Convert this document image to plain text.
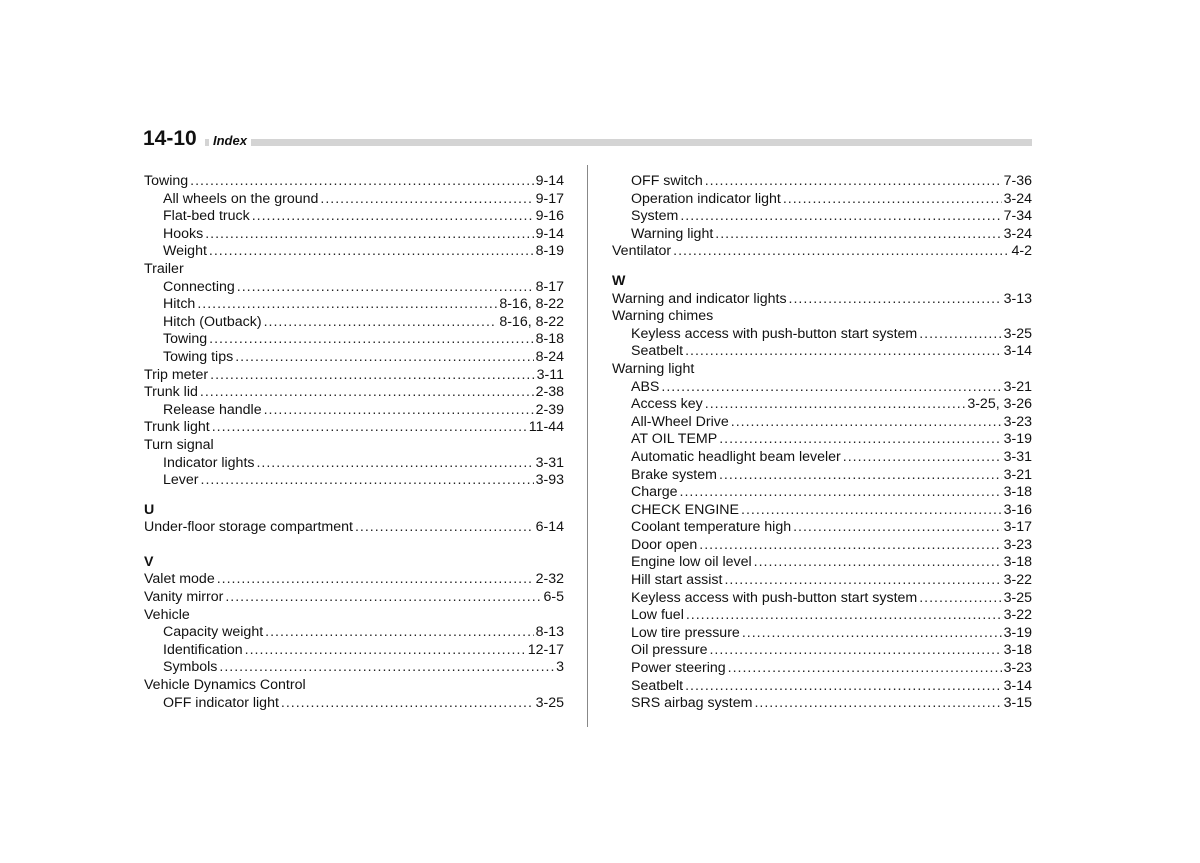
14-10	Index
Towing .....	9-14
All wheels on the ground .....	9-17
Flat-bed truck .....	9-16
Hooks .....	9-14
Weight .....	8-19
Trailer
Connecting .....	8-17
Hitch .....	8-16, 8-22
Hitch (Outback) .....	8-16, 8-22
Towing .....	8-18
Towing tips .....	8-24
Trip meter .....	3-11
Trunk lid .....	2-38
Release handle .....	2-39
Trunk light .....	11-44
Turn signal
Indicator lights .....	3-31
Lever .....	3-93
U
Under-floor storage compartment .....	6-14
V
Valet mode .....	2-32
Vanity mirror .....	6-5
Vehicle
Capacity weight .....	8-13
Identification .....	12-17
Symbols .....	3
Vehicle Dynamics Control
OFF indicator light .....	3-25
OFF switch .....	7-36
Operation indicator light .....	3-24
System .....	7-34
Warning light .....	3-24
Ventilator .....	4-2
W
Warning and indicator lights .....	3-13
Warning chimes
Keyless access with push-button start system .....	3-25
Seatbelt .....	3-14
Warning light
ABS .....	3-21
Access key .....	3-25, 3-26
All-Wheel Drive .....	3-23
AT OIL TEMP .....	3-19
Automatic headlight beam leveler .....	3-31
Brake system .....	3-21
Charge .....	3-18
CHECK ENGINE .....	3-16
Coolant temperature high .....	3-17
Door open .....	3-23
Engine low oil level .....	3-18
Hill start assist .....	3-22
Keyless access with push-button start system .....	3-25
Low fuel .....	3-22
Low tire pressure .....	3-19
Oil pressure .....	3-18
Power steering .....	3-23
Seatbelt .....	3-14
SRS airbag system .....	3-15
